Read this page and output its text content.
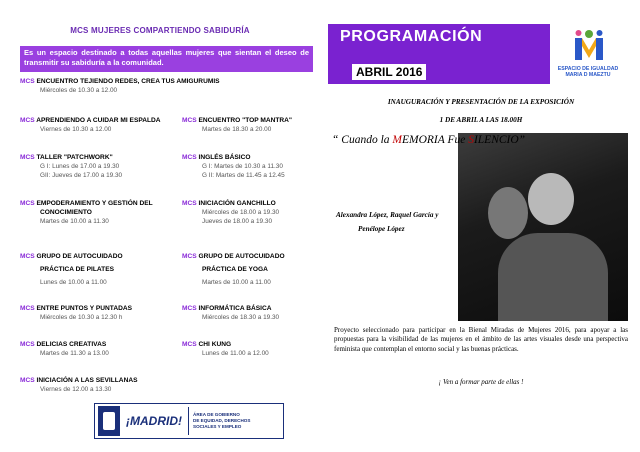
MCS MUJERES COMPARTIENDO SABIDURÍA
Es un espacio destinado a todas aquellas mujeres que sientan el deseo de transmitir su sabiduría a la comunidad.
MCS ENCUENTRO TEJIENDO REDES, CREA TUS AMIGURUMIS
Miércoles de 10.30 a 12.00
MCS APRENDIENDO A CUIDAR MI ESPALDA
Viernes de 10.30 a 12.00
MCS ENCUENTRO "TOP MANTRA"
Martes de 18.30 a 20.00
MCS TALLER "PATCHWORK"
G I: Lunes de 17.00 a 19.30
GII: Jueves de 17.00 a 19.30
MCS INGLÉS BÁSICO
G I: Martes de 10.30 a 11.30
G II: Martes de 11.45 a 12.45
MCS EMPODERAMIENTO Y GESTIÓN DEL
CONOCIMIENTO
Martes de 10.00 a 11.30
MCS INICIACIÓN GANCHILLO
Miércoles de 18.00 a 19.30
Jueves de 18.00 a 19.30
MCS GRUPO DE AUTOCUIDADO
PRÁCTICA DE PILATES
Lunes de 10.00 a 11.00
MCS GRUPO DE AUTOCUIDADO
PRÁCTICA DE YOGA
Martes de 10.00 a 11.00
MCS ENTRE PUNTOS Y PUNTADAS
Miércoles de 10.30 a 12.30 h
MCS INFORMÁTICA BÁSICA
Miércoles de 18.30 a 19.30
MCS DELICIAS CREATIVAS
Martes de 11.30 a 13.00
MCS CHI KUNG
Lunes de 11.00 a 12.00
MCS INICIACIÓN A LAS SEVILLANAS
Viernes de 12.00 a 13.30
¡MADRID! ÁREA DE GOBIERNO
DE EQUIDAD, DERECHOS
SOCIALES Y EMPLEO
PROGRAMACIÓN
ABRIL 2016	ESPACIO DE IGUALDAD
MARIA D MAEZTU
INAUGURACIÓN Y PRESENTACIÓN DE LA EXPOSICIÓN
1 DE ABRIL A LAS 18.00H
“ Cuando la MEMORIA Fue SILENCIO”
Alexandra López, Raquel García y
Penélope López
Proyecto seleccionado para participar en la Bienal Miradas de Mujeres 2016, para apoyar a las propuestas para la visibilidad de las mujeres en el ámbito de las artes visuales desde una perspectiva feminista que contemplan el entorno social y las buenas prácticas.
¡ Ven a formar parte de ellas !
